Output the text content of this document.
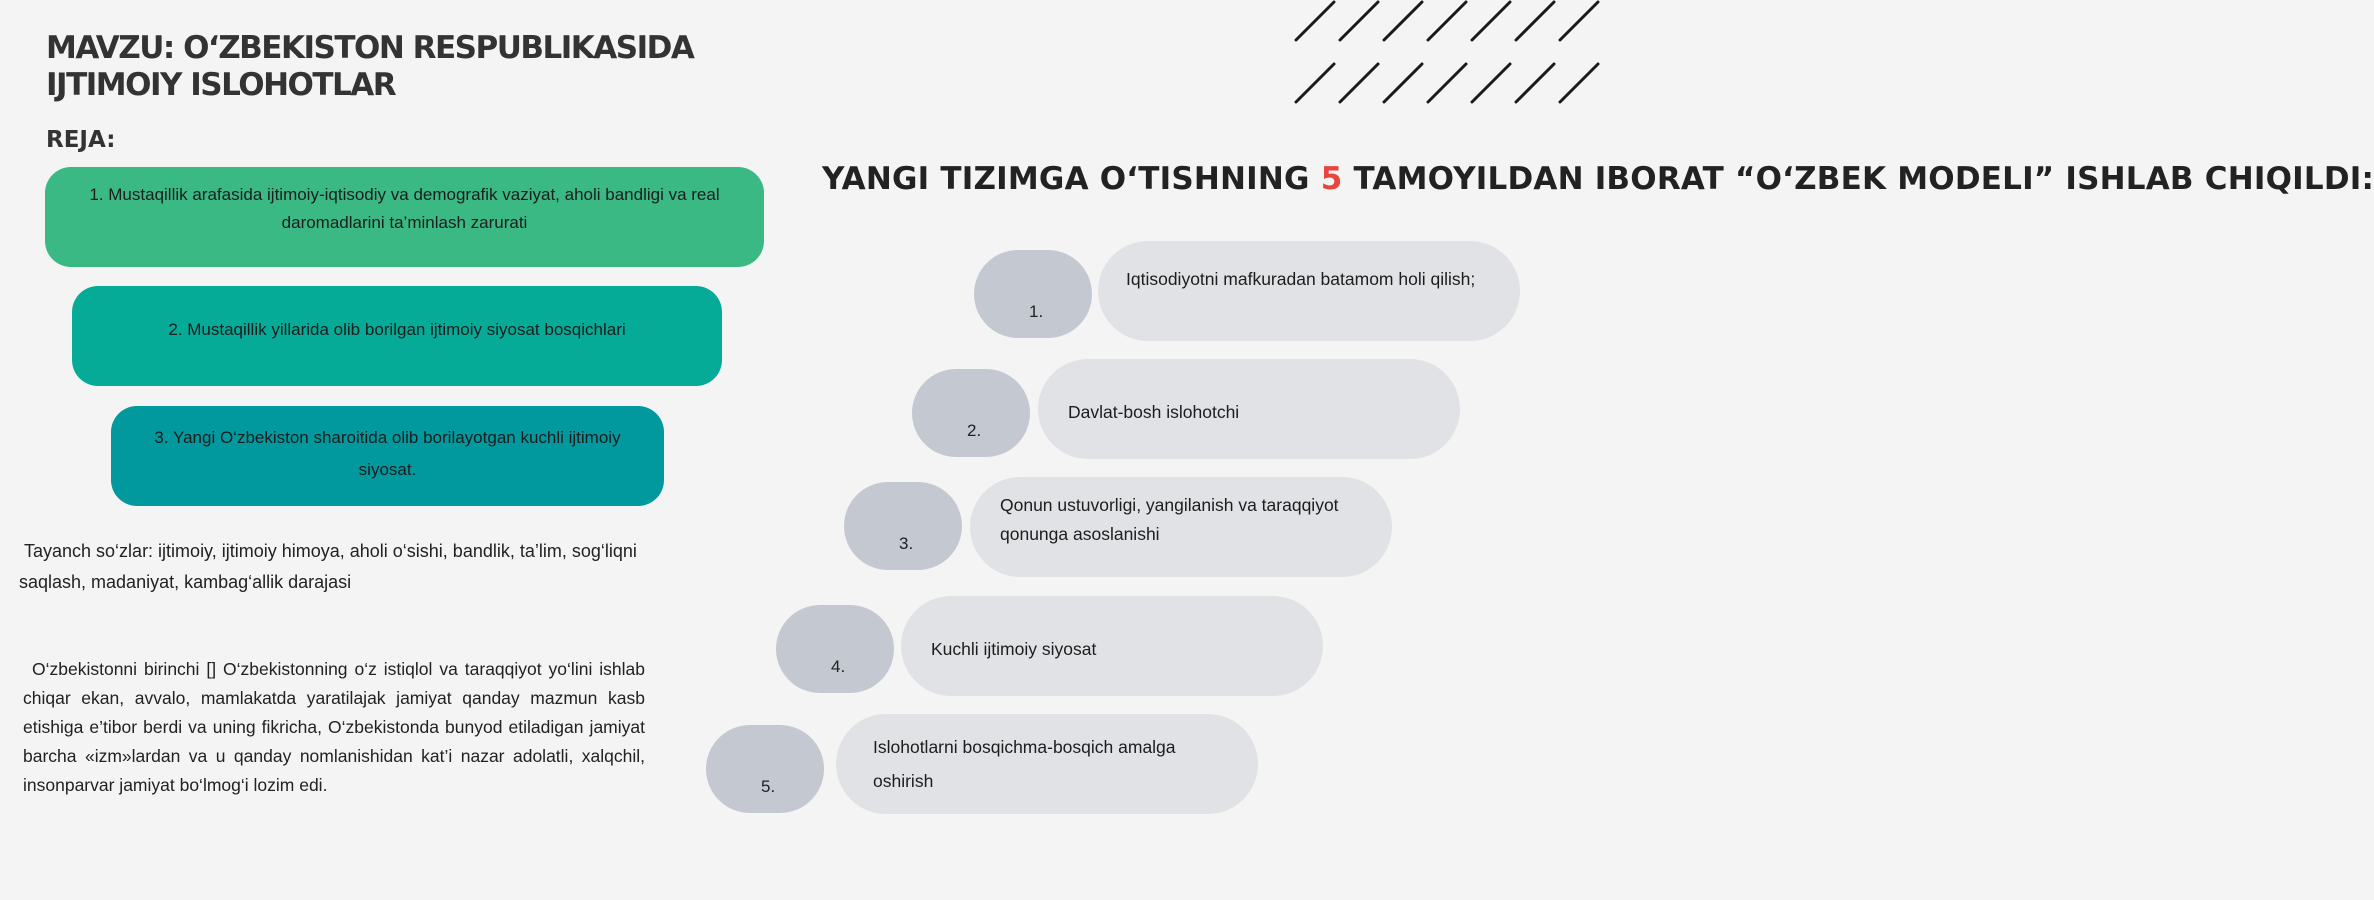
MAVZU: O‘ZBEKISTON RESPUBLIKASIDA IJTIMOIY ISLOHOTLAR
REJA:
1. Mustaqillik arafasida ijtimoiy-iqtisodiy va demografik vaziyat, aholi bandligi va real daromadlarini ta’minlash zarurati
2. Mustaqillik yillarida olib borilgan ijtimoiy siyosat bosqichlari
3. Yangi O‘zbekiston sharoitida olib borilayotgan kuchli ijtimoiy siyosat.

Tayanch so‘zlar: ijtimoiy, ijtimoiy himoya, aholi o‘sishi, bandlik, ta’lim, sog‘liqni saqlash, madaniyat, kambag‘allik darajasi

O‘zbekistonni birinchi [] O‘zbekistonning o‘z istiqlol va taraqqiyot yo‘lini ishlab chiqar ekan, avvalo, mamlakatda yaratilajak jamiyat qanday mazmun kasb etishiga e’tibor berdi va uning fikricha, O‘zbekistonda bunyod etiladigan jamiyat barcha «izm»lardan va u qanday nomlanishidan kat’i nazar adolatli, xalqchil, insonparvar jamiyat bo‘lmog‘i lozim edi.

YANGI TIZIMGA O‘TISHNING 5 TAMOYILDAN IBORAT “O‘ZBEK MODELI” ISHLAB CHIQILDI:
1.
Iqtisodiyotni mafkuradan batamom holi qilish;
2.
Davlat-bosh islohotchi
3.
Qonun ustuvorligi, yangilanish va taraqqiyot qonunga asoslanishi
4.
Kuchli ijtimoiy siyosat
5.
Islohotlarni bosqichma-bosqich amalga oshirish
